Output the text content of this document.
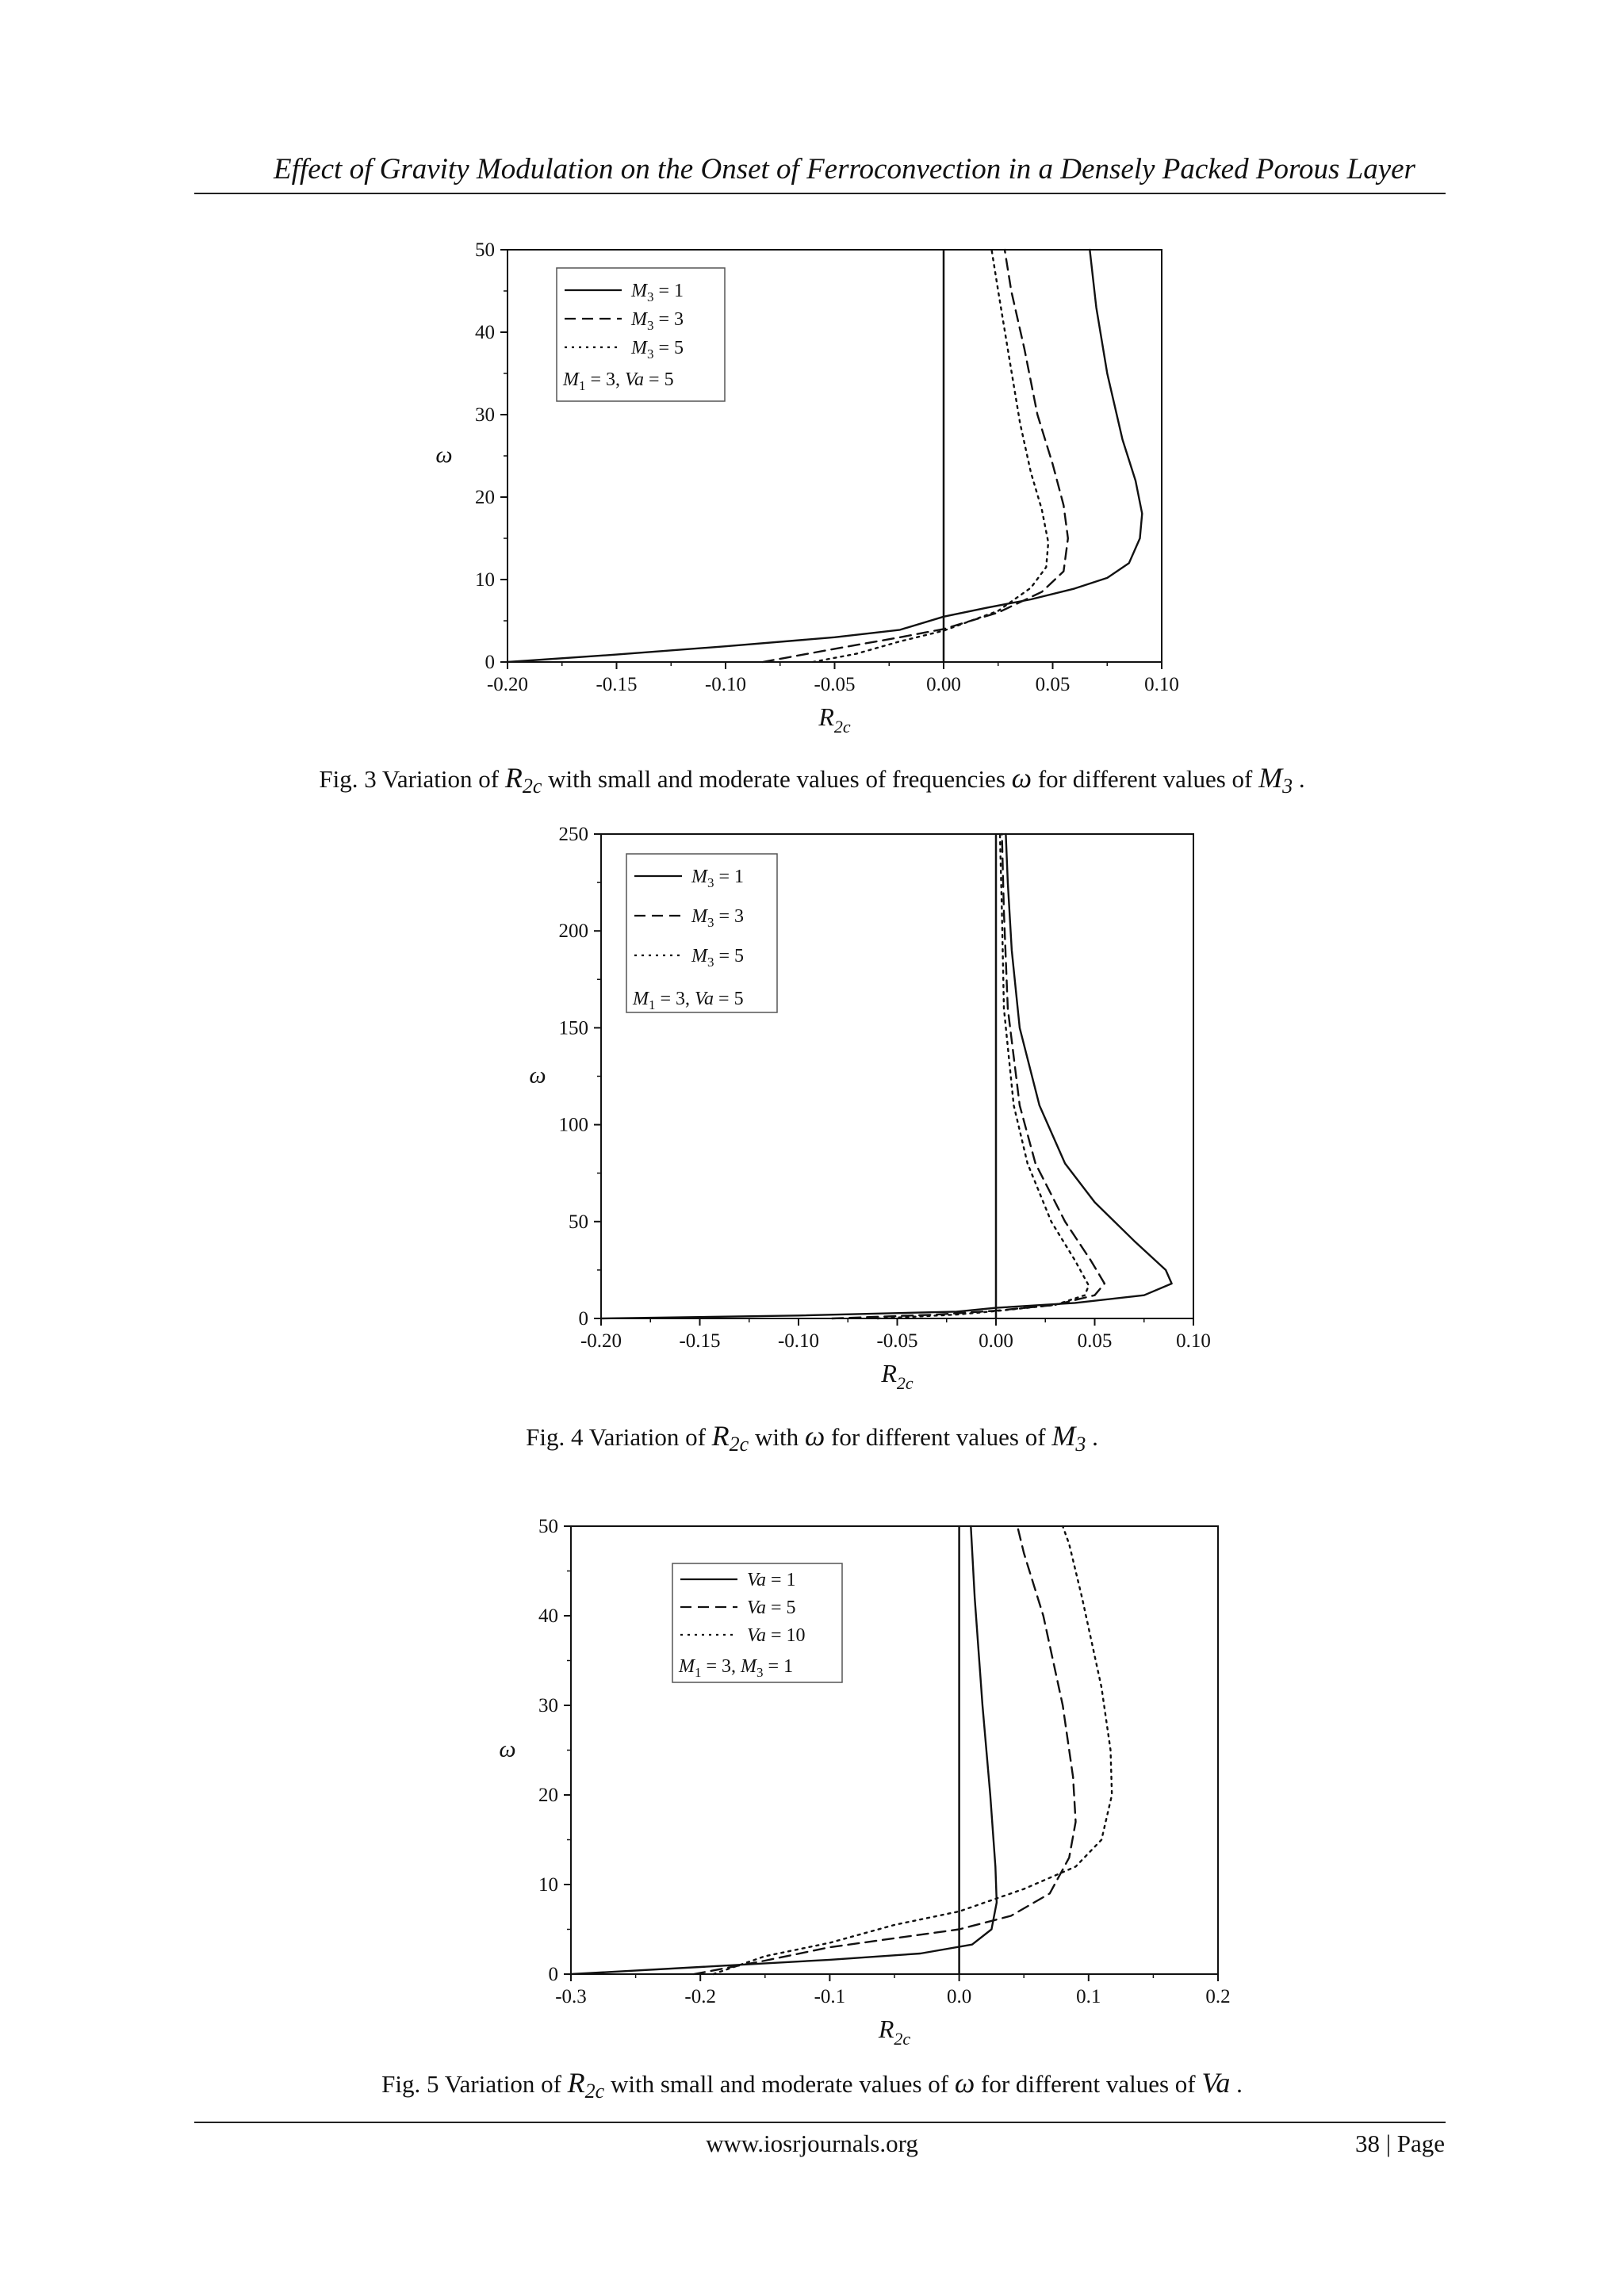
Effect of Gravity Modulation on the Onset of Ferroconvection in a Densely Packed Porous Layer
-0.20	-0.15	-0.10	-0.05	0.00	0.05	0.10
0
10
20
30
40
50
$R_{2c}$
ω
$M_3 = 1$
$M_3 = 3$
$M_3 = 5$
$M_1 = 3$, Va = 5
Fig. 3 Variation of $R_{2c}$ with small and moderate values of frequencies ω for different values of $M_3$ .
-0.20	-0.15	-0.10	-0.05	0.00	0.05	0.10
0
50
100
150
200
250
$R_{2c}$
ω
$M_3 = 1$
$M_3 = 3$
$M_3 = 5$
$M_1 = 3$, Va = 5
Fig. 4 Variation of $R_{2c}$ with ω for different values of $M_3$ .
-0.3	-0.2	-0.1	0.0	0.1	0.2
0
10
20
30
40
50
$R_{2c}$
ω
Va = 1
Va = 5
Va = 10
$M_1 = 3$, $M_3 = 1$
Fig. 5 Variation of $R_{2c}$ with small and moderate values of ω for different values of Va .
www.iosrjournals.org	38 | Page
